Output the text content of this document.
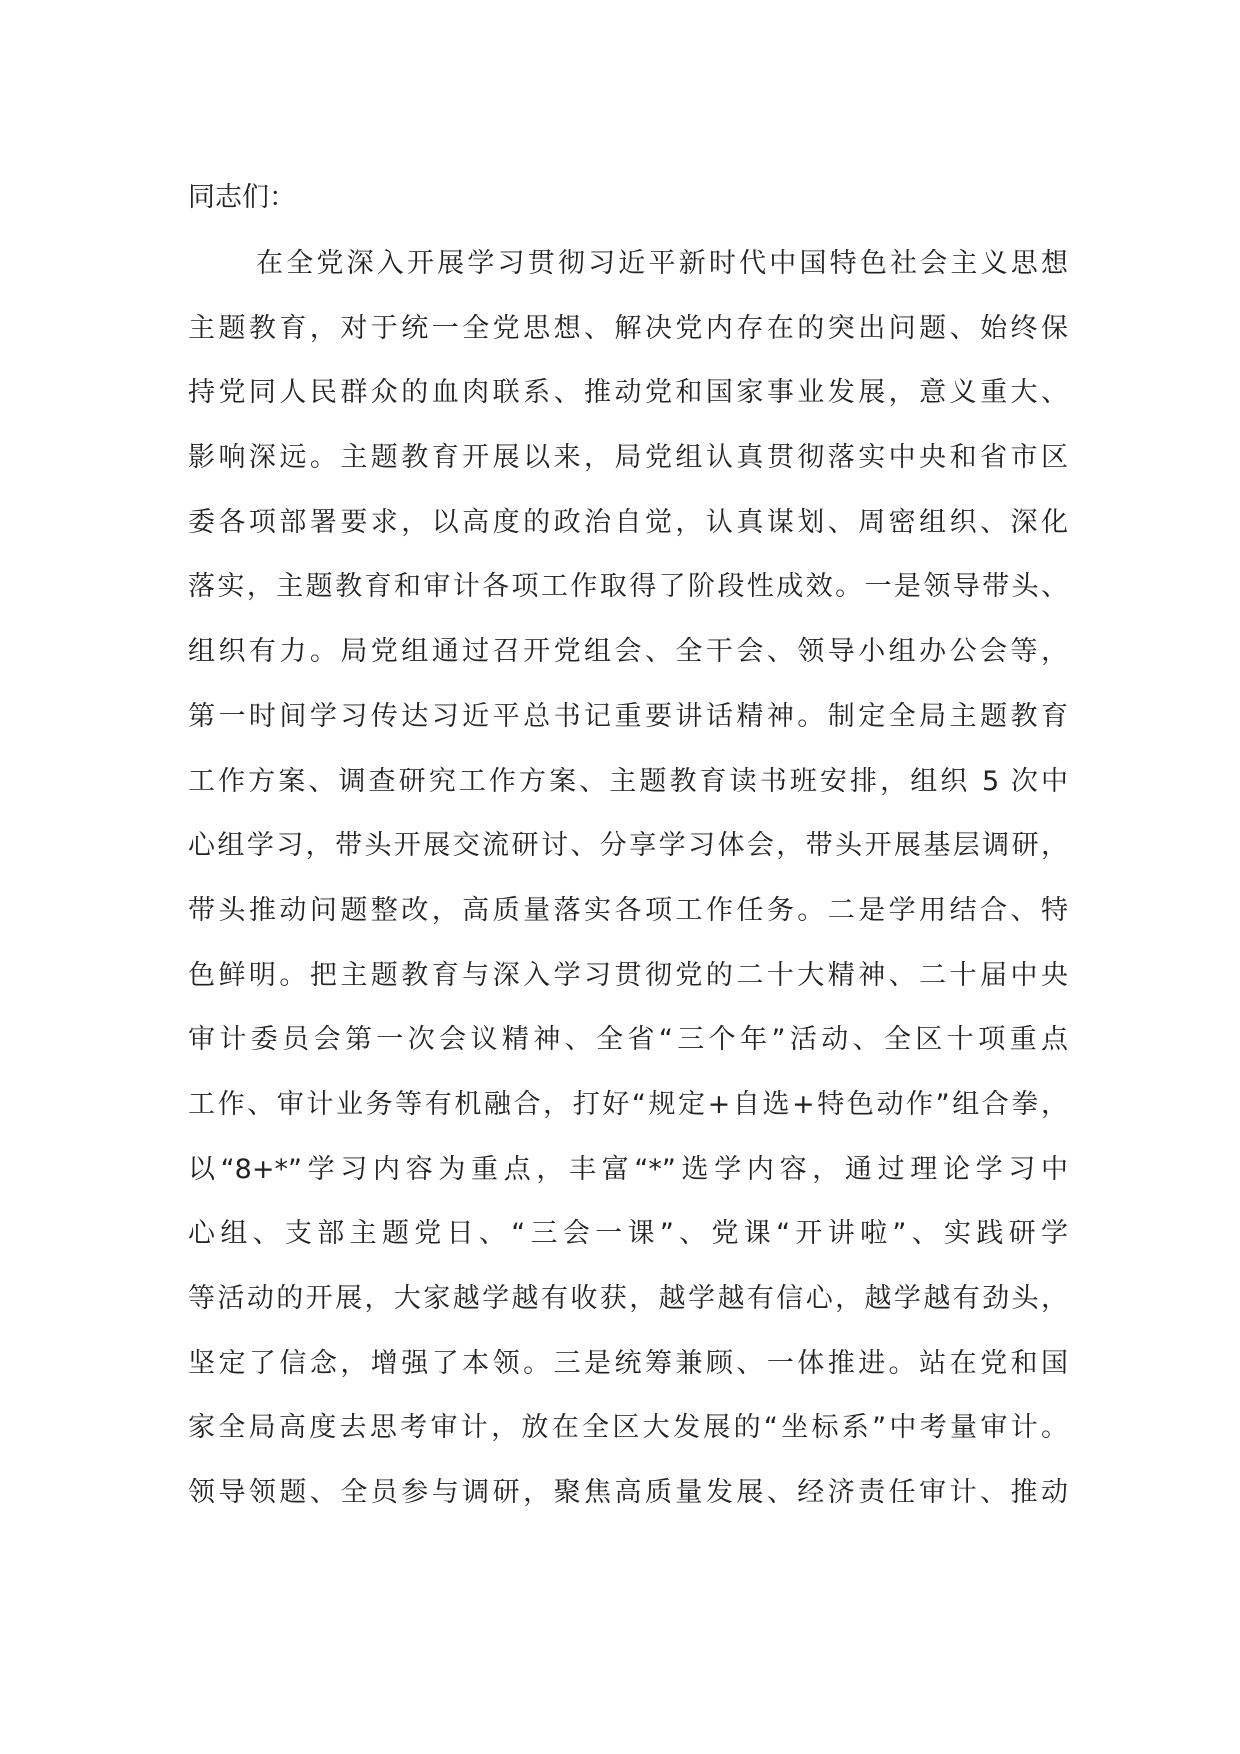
同志们：
在全党深入开展学习贯彻习近平新时代中国特色社会主义思想
主题教育，对于统一全党思想、解决党内存在的突出问题、始终保
持党同人民群众的血肉联系、推动党和国家事业发展，意义重大、
影响深远。主题教育开展以来，局党组认真贯彻落实中央和省市区
委各项部署要求，以高度的政治自觉，认真谋划、周密组织、深化
落实，主题教育和审计各项工作取得了阶段性成效。一是领导带头、
组织有力。局党组通过召开党组会、全干会、领导小组办公会等，
第一时间学习传达习近平总书记重要讲话精神。制定全局主题教育
工作方案、调查研究工作方案、主题教育读书班安排，组织 5 次中
心组学习，带头开展交流研讨、分享学习体会，带头开展基层调研，
带头推动问题整改，高质量落实各项工作任务。二是学用结合、特
色鲜明。把主题教育与深入学习贯彻党的二十大精神、二十届中央
审计委员会第一次会议精神、全省“三个年”活动、全区十项重点
工作、审计业务等有机融合，打好“规定+自选+特色动作”组合拳，
以“8+*”学习内容为重点，丰富“*”选学内容，通过理论学习中
心组、支部主题党日、“三会一课”、党课“开讲啦”、实践研学
等活动的开展，大家越学越有收获，越学越有信心，越学越有劲头，
坚定了信念，增强了本领。三是统筹兼顾、一体推进。站在党和国
家全局高度去思考审计，放在全区大发展的“坐标系”中考量审计。
领导领题、全员参与调研，聚焦高质量发展、经济责任审计、推动
